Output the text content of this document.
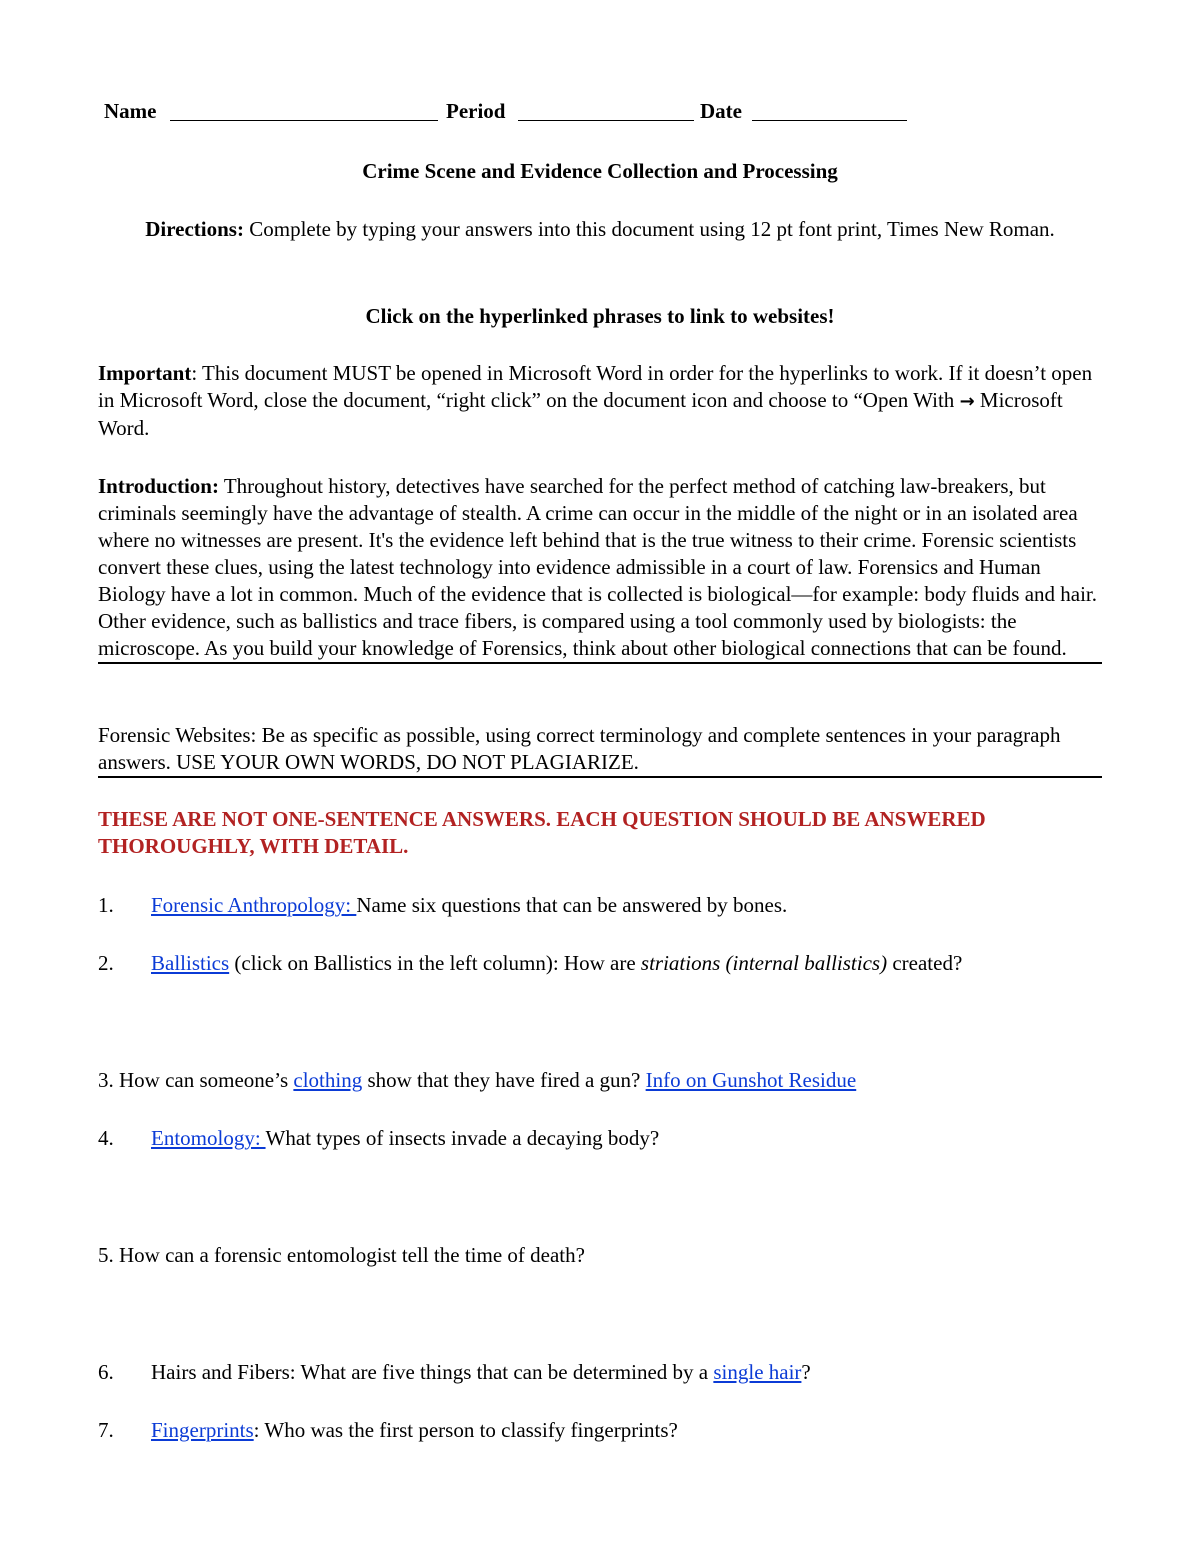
Name	Period	Date
Crime Scene and Evidence Collection and Processing
Directions: Complete by typing your answers into this document using 12 pt font print, Times New Roman.
Click on the hyperlinked phrases to link to websites!
Important: This document MUST be opened in Microsoft Word in order for the hyperlinks to work. If it doesn’t open in Microsoft Word, close the document, “right click” on the document icon and choose to “Open With → Microsoft Word.
Introduction: Throughout history, detectives have searched for the perfect method of catching law-breakers, but criminals seemingly have the advantage of stealth. A crime can occur in the middle of the night or in an isolated area where no witnesses are present. It's the evidence left behind that is the true witness to their crime. Forensic scientists convert these clues, using the latest technology into evidence admissible in a court of law. Forensics and Human Biology have a lot in common. Much of the evidence that is collected is biological—for example: body fluids and hair. Other evidence, such as ballistics and trace fibers, is compared using a tool commonly used by biologists: the microscope. As you build your knowledge of Forensics, think about other biological connections that can be found.
Forensic Websites: Be as specific as possible, using correct terminology and complete sentences in your paragraph answers. USE YOUR OWN WORDS, DO NOT PLAGIARIZE.
THESE ARE NOT ONE-SENTENCE ANSWERS. EACH QUESTION SHOULD BE ANSWERED THOROUGHLY, WITH DETAIL.
1. Forensic Anthropology: Name six questions that can be answered by bones.
2. Ballistics (click on Ballistics in the left column): How are striations (internal ballistics) created?
3. How can someone’s clothing show that they have fired a gun? Info on Gunshot Residue
4. Entomology: What types of insects invade a decaying body?
5. How can a forensic entomologist tell the time of death?
6. Hairs and Fibers: What are five things that can be determined by a single hair?
7. Fingerprints: Who was the first person to classify fingerprints?
